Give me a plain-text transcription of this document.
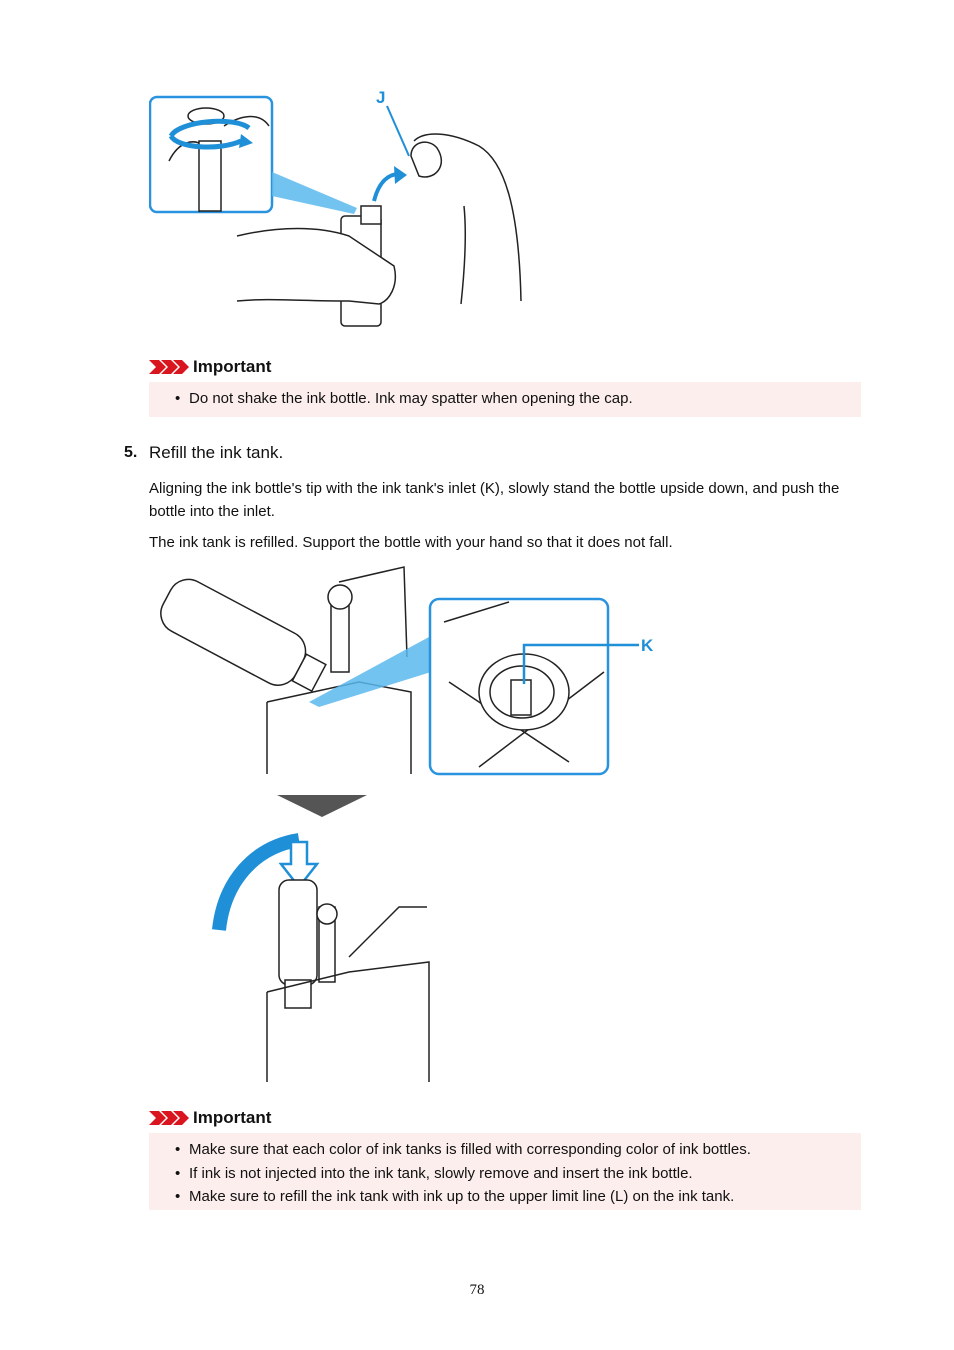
J
Important
• Do not shake the ink bottle. Ink may spatter when opening the cap.
5. Refill the ink tank.
Aligning the ink bottle's tip with the ink tank's inlet (K), slowly stand the bottle upside down, and push the bottle into the inlet.
The ink tank is refilled. Support the bottle with your hand so that it does not fall.
K
Important
• Make sure that each color of ink tanks is filled with corresponding color of ink bottles.
• If ink is not injected into the ink tank, slowly remove and insert the ink bottle.
• Make sure to refill the ink tank with ink up to the upper limit line (L) on the ink tank.
78
